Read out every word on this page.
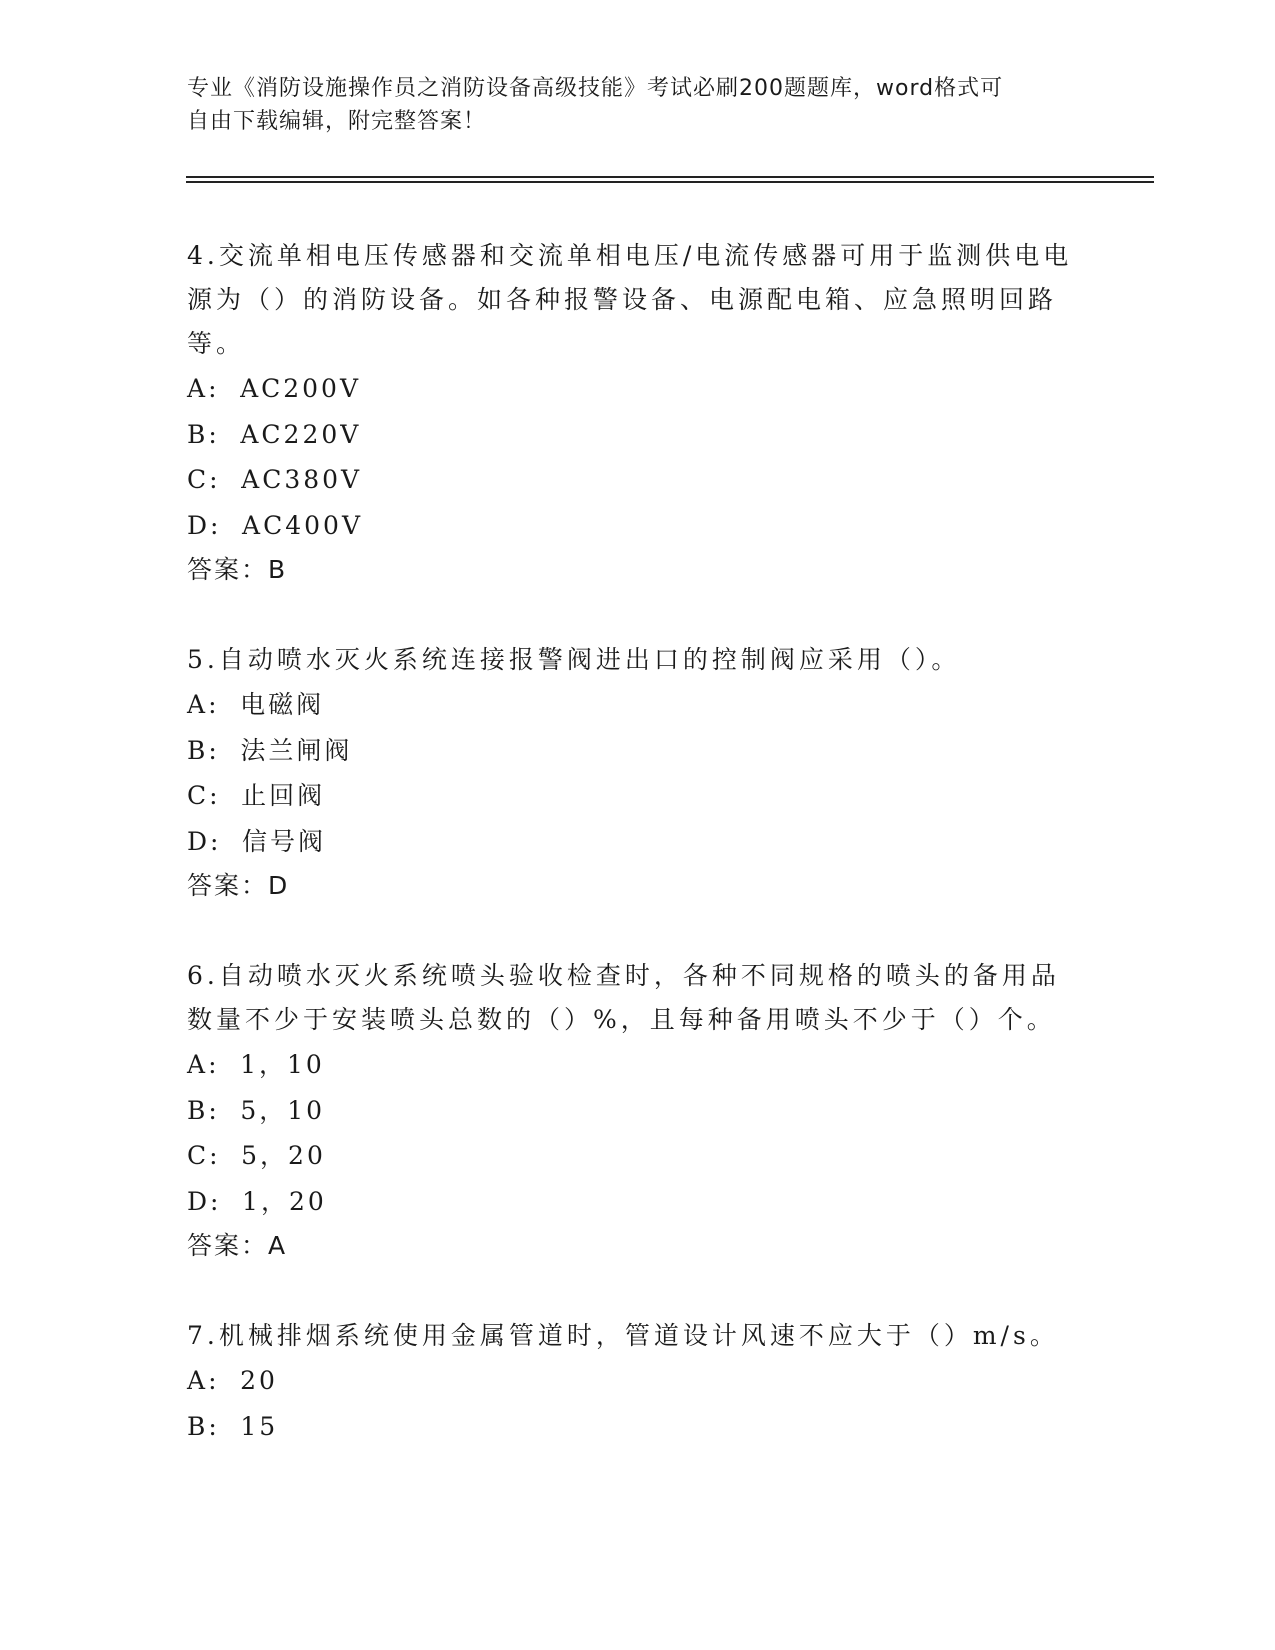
专业《消防设施操作员之消防设备高级技能》考试必刷200题题库，word格式可
自由下载编辑，附完整答案！

4.交流单相电压传感器和交流单相电压/电流传感器可用于监测供电电源为（）的消防设备。如各种报警设备、电源配电箱、应急照明回路等。

A : AC200V
B : AC220V
C : AC380V
D : AC400V

答案：B

5.自动喷水灭火系统连接报警阀进出口的控制阀应采用（）。

A : 电磁阀
B : 法兰闸阀
C : 止回阀
D : 信号阀

答案：D

6.自动喷水灭火系统喷头验收检查时，各种不同规格的喷头的备用品数量不少于安装喷头总数的（）%，且每种备用喷头不少于（）个。

A : 1，10
B : 5，10
C : 5，20
D : 1，20

答案：A

7.机械排烟系统使用金属管道时，管道设计风速不应大于（）m/s。

A : 20
B : 15
